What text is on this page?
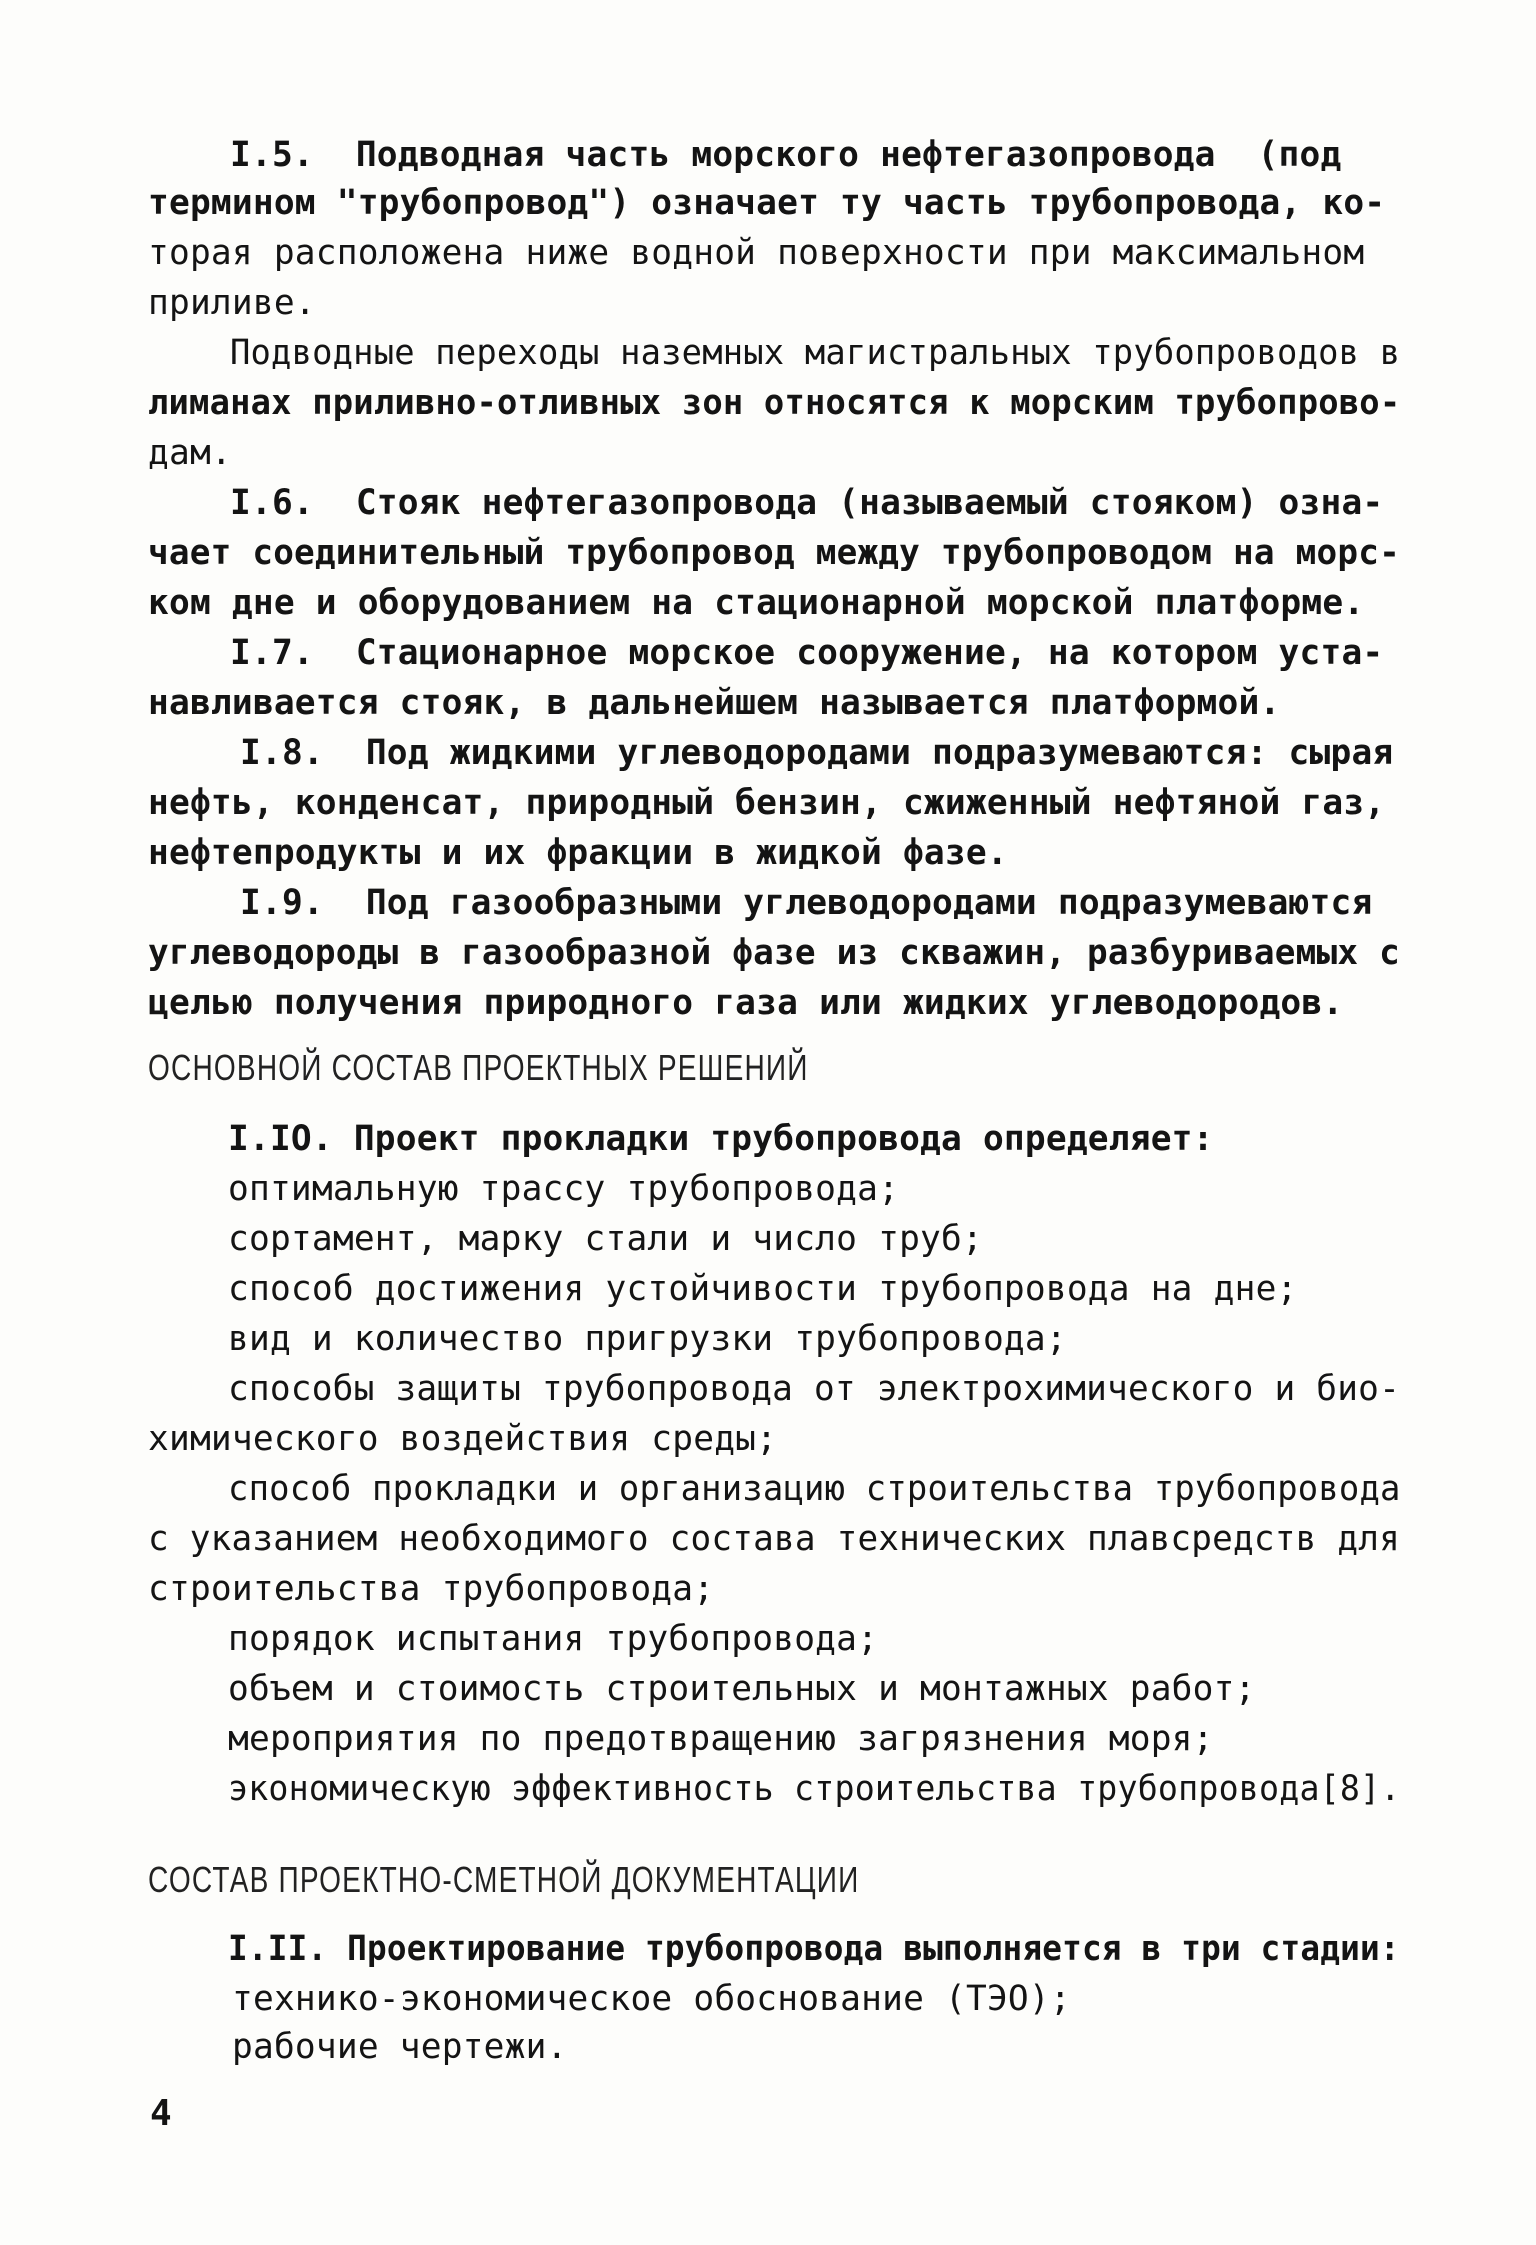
I.5.  Подводная часть морского нефтегазопровода  (под
термином "трубопровод") означает ту часть трубопровода, ко-
торая расположена ниже водной поверхности при максимальном
приливе.
Подводные переходы наземных магистральных трубопроводов в
лиманах приливно-отливных зон относятся к морским трубопрово-
дам.
I.6.  Стояк нефтегазопровода (называемый стояком) озна-
чает соединительный трубопровод между трубопроводом на морс-
ком дне и оборудованием на стационарной морской платформе.
I.7.  Стационарное морское сооружение, на котором уста-
навливается стояк, в дальнейшем называется платформой.
I.8.  Под жидкими углеводородами подразумеваются: сырая
нефть, конденсат, природный бензин, сжиженный нефтяной газ,
нефтепродукты и их фракции в жидкой фазе.
I.9.  Под газообразными углеводородами подразумеваются
углеводороды в газообразной фазе из скважин, разбуриваемых с
целью получения природного газа или жидких углеводородов.
ОСНОВНОЙ СОСТАВ ПРОЕКТНЫХ РЕШЕНИЙ
I.IO. Проект прокладки трубопровода определяет:
оптимальную трассу трубопровода;
сортамент, марку стали и число труб;
способ достижения устойчивости трубопровода на дне;
вид и количество пригрузки трубопровода;
способы защиты трубопровода от электрохимического и био-
химического воздействия среды;
способ прокладки и организацию строительства трубопровода
с указанием необходимого состава технических плавсредств для
строительства трубопровода;
порядок испытания трубопровода;
объем и стоимость строительных и монтажных работ;
мероприятия по предотвращению загрязнения моря;
экономическую эффективность строительства трубопровода[8].
СОСТАВ ПРОЕКТНО-СМЕТНОЙ ДОКУМЕНТАЦИИ
I.II. Проектирование трубопровода выполняется в три стадии:
технико-экономическое обоснование (ТЭО);
рабочие чертежи.
4
